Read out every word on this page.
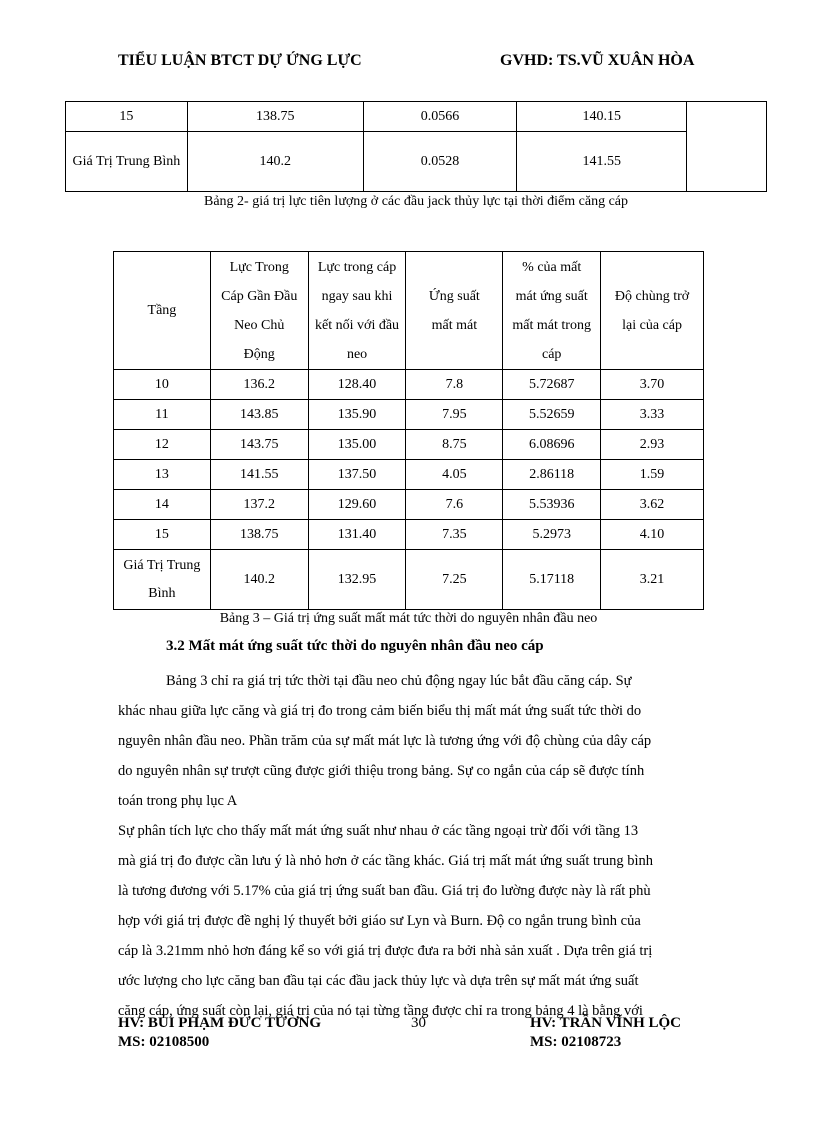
TIỂU LUẬN BTCT DỰ ỨNG LỰC	GVHD: TS.VŨ XUÂN HÒA
15	138.75	0.0566	140.15	
Giá Trị Trung Bình	140.2	0.0528	141.55	
Bảng 2- giá trị lực tiên lượng ở các đầu jack thủy lực tại thời điểm căng cáp
Tầng	Lực Trong Cáp Gần Đầu Neo Chủ Động	Lực trong cáp ngay sau khi kết nối với đầu neo	Ứng suất mất mát	% của mất mát ứng suất mất mát trong cáp	Độ chùng trở lại của cáp
10	136.2	128.40	7.8	5.72687	3.70
11	143.85	135.90	7.95	5.52659	3.33
12	143.75	135.00	8.75	6.08696	2.93
13	141.55	137.50	4.05	2.86118	1.59
14	137.2	129.60	7.6	5.53936	3.62
15	138.75	131.40	7.35	5.2973	4.10
Giá Trị Trung Bình	140.2	132.95	7.25	5.17118	3.21
Bảng 3 – Giá trị ứng suất mất mát tức thời do nguyên nhân đầu neo
3.2 Mất mát ứng suất tức thời do nguyên nhân đầu neo cáp
Bảng 3 chỉ ra giá trị tức thời tại đầu neo chủ động ngay lúc bắt đầu căng cáp. Sự
khác nhau giữa lực căng và giá trị đo trong cảm biến biểu thị mất mát ứng suất tức thời do
nguyên nhân đầu neo. Phần trăm của sự mất mát lực là tương ứng với độ chùng của dây cáp
do nguyên nhân sự trượt cũng được giới thiệu trong bảng. Sự co ngắn của cáp sẽ được tính
toán trong phụ lục A
Sự phân tích lực cho thấy mất mát ứng suất như nhau ở các tầng ngoại trừ đối với tầng 13
mà giá trị đo được cần lưu ý là nhỏ hơn ở các tầng khác. Giá trị mất mát ứng suất trung bình
là tương đương với 5.17% của giá trị ứng suất ban đầu. Giá trị đo lường được này là rất phù
hợp với giá trị được đề nghị lý thuyết bởi giáo sư Lyn và Burn. Độ co ngắn trung bình của
cáp là 3.21mm nhỏ hơn đáng kể so với giá trị được đưa ra bởi nhà sản xuất . Dựa trên giá trị
ước lượng cho lực căng ban đầu tại các đầu jack thủy lực và dựa trên sự mất mát ứng suất
căng cáp, ứng suất còn lại, giá trị của nó tại từng tầng được chỉ ra trong bảng 4 là bằng với
HV: BÙI PHẠM ĐỨC TƯỜNG
MS: 02108500
30	HV: TRẦN VĨNH LỘC
MS: 02108723
